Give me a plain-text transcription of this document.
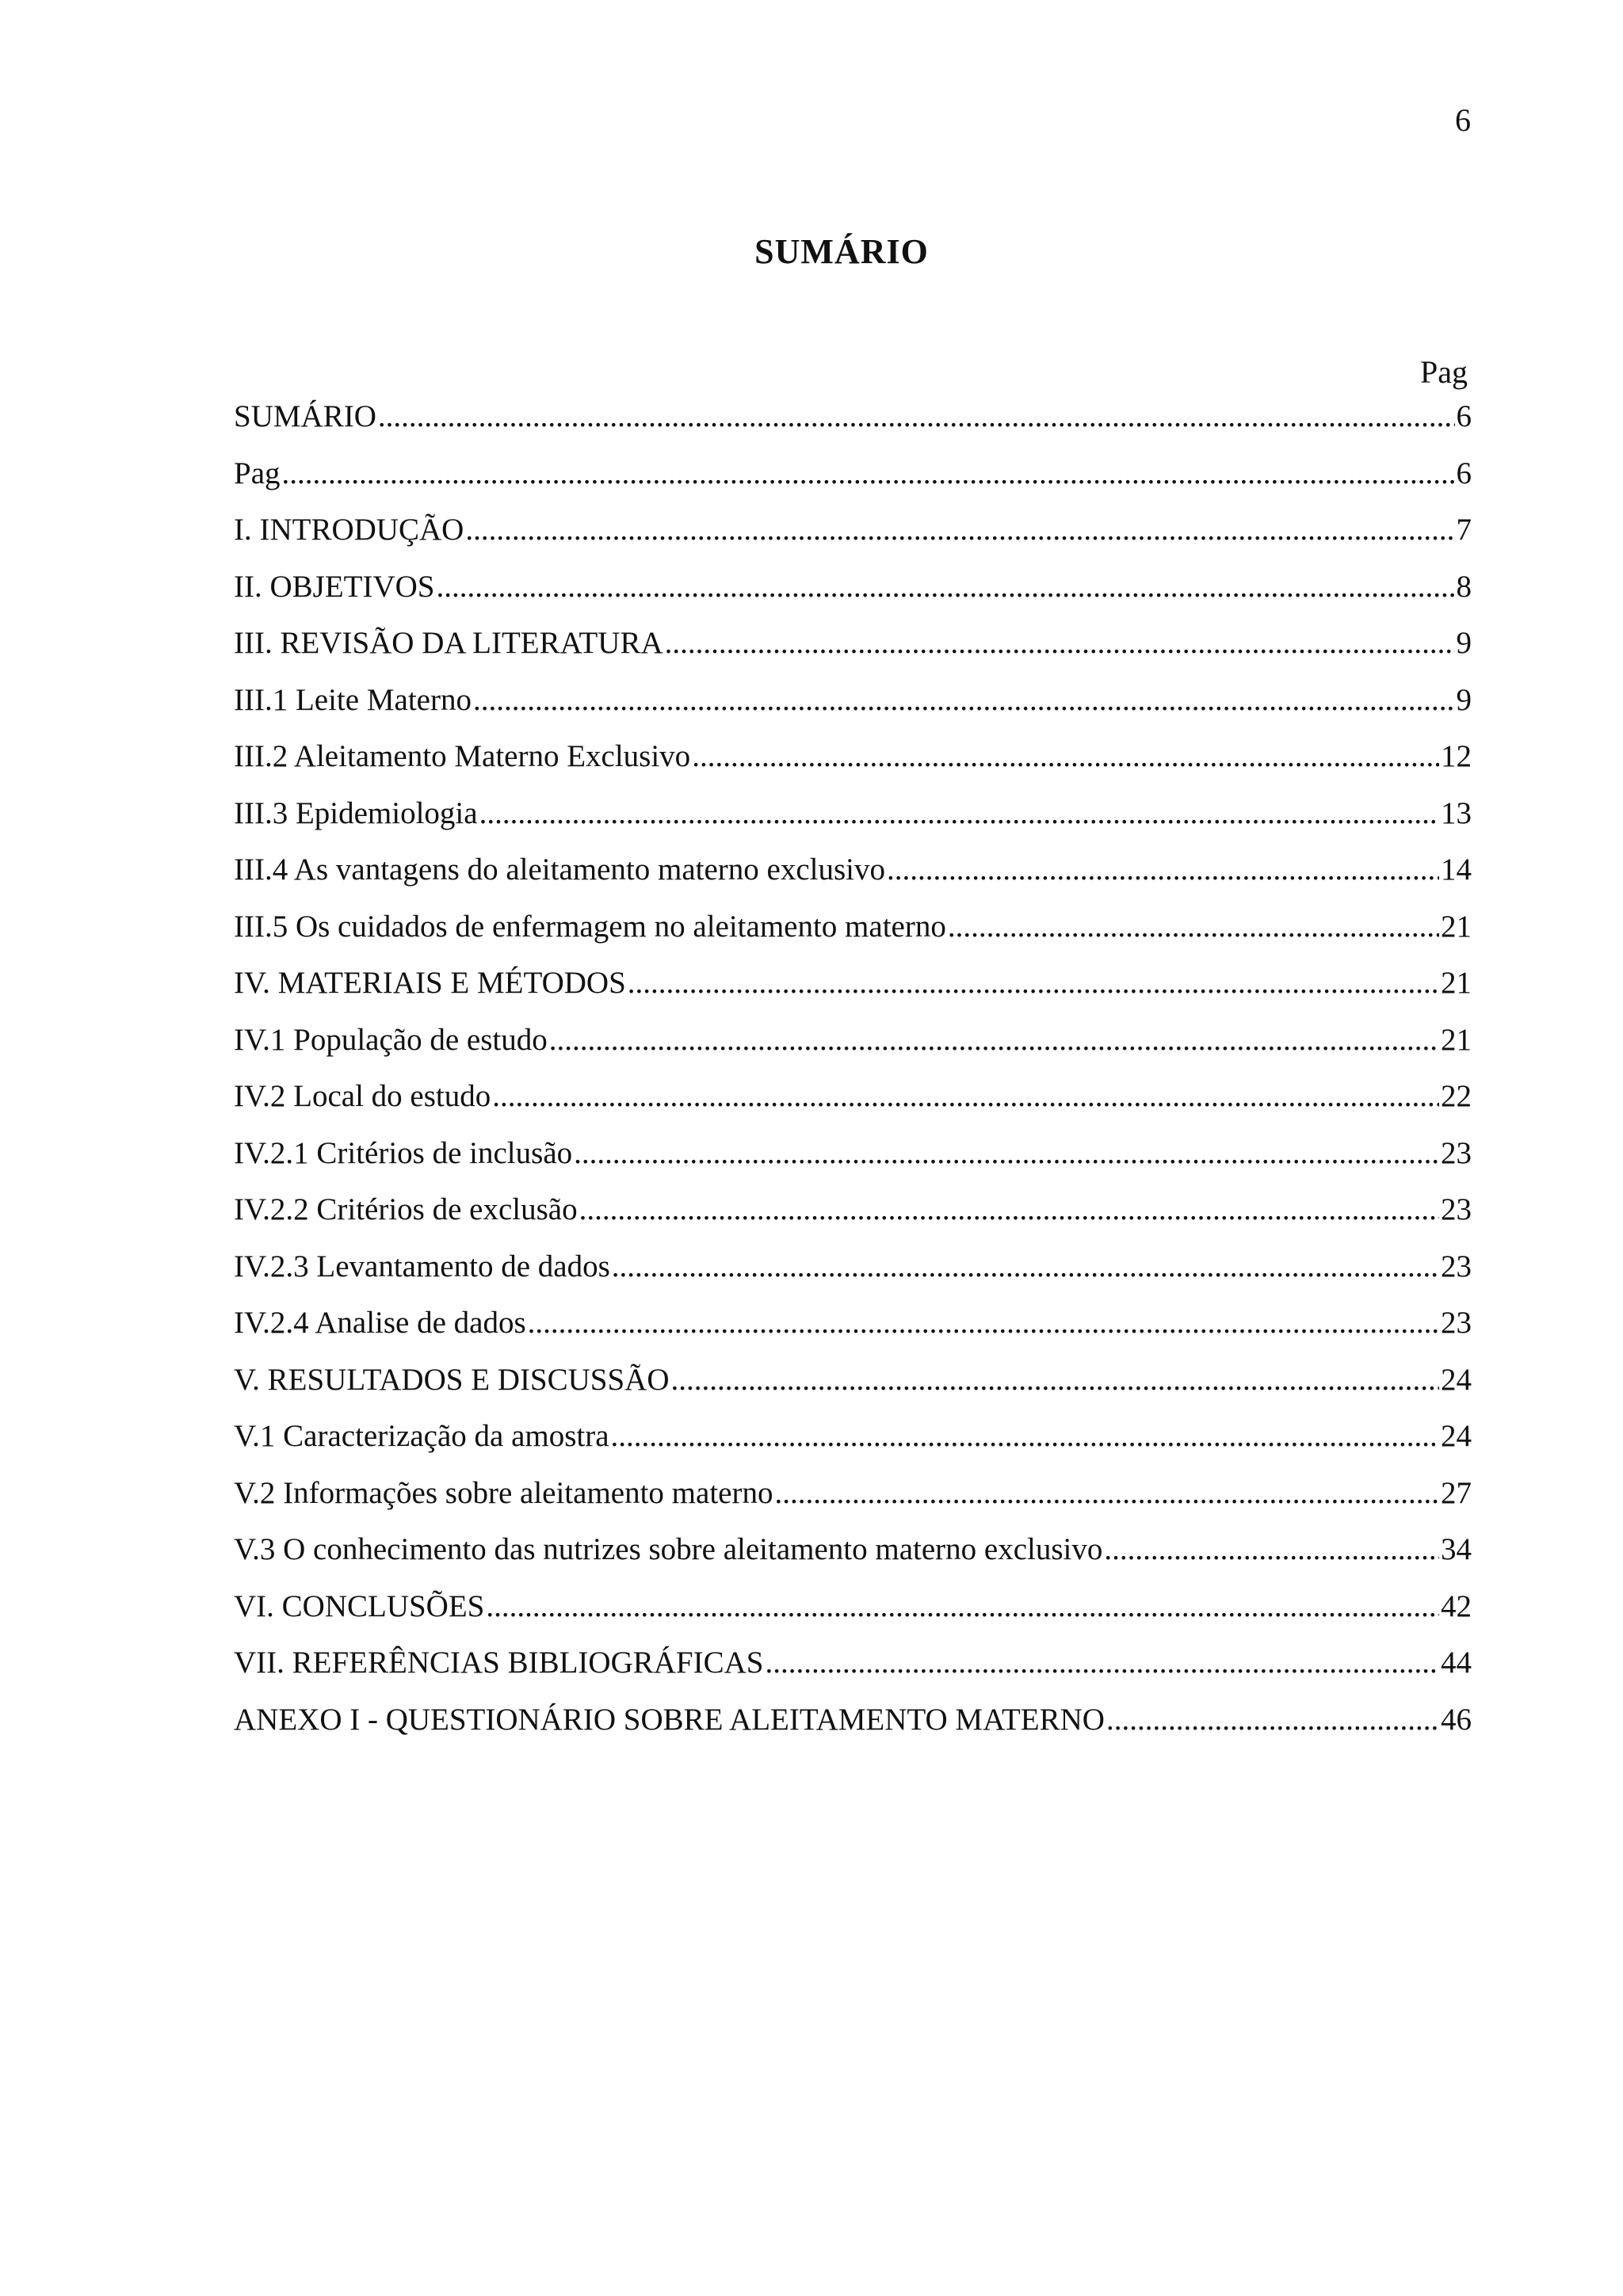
6
SUMÁRIO
Pag
SUMÁRIO .....	6
Pag .....	6
I. INTRODUÇÃO .....	7
II. OBJETIVOS .....	8
III. REVISÃO DA LITERATURA .....	9
III.1 Leite Materno .....	9
III.2 Aleitamento Materno Exclusivo .....	12
III.3 Epidemiologia .....	13
III.4 As vantagens do aleitamento materno exclusivo .....	14
III.5 Os cuidados de enfermagem no aleitamento materno .....	21
IV. MATERIAIS E MÉTODOS .....	21
IV.1 População de estudo .....	21
IV.2 Local do estudo .....	22
IV.2.1 Critérios de inclusão .....	23
IV.2.2 Critérios de exclusão .....	23
IV.2.3 Levantamento de dados .....	23
IV.2.4 Analise de dados .....	23
V. RESULTADOS E DISCUSSÃO .....	24
V.1 Caracterização da amostra .....	24
V.2 Informações sobre aleitamento materno .....	27
V.3 O conhecimento das nutrizes sobre aleitamento materno exclusivo .....	34
VI. CONCLUSÕES .....	42
VII. REFERÊNCIAS BIBLIOGRÁFICAS .....	44
ANEXO I - QUESTIONÁRIO SOBRE ALEITAMENTO MATERNO .....	46
